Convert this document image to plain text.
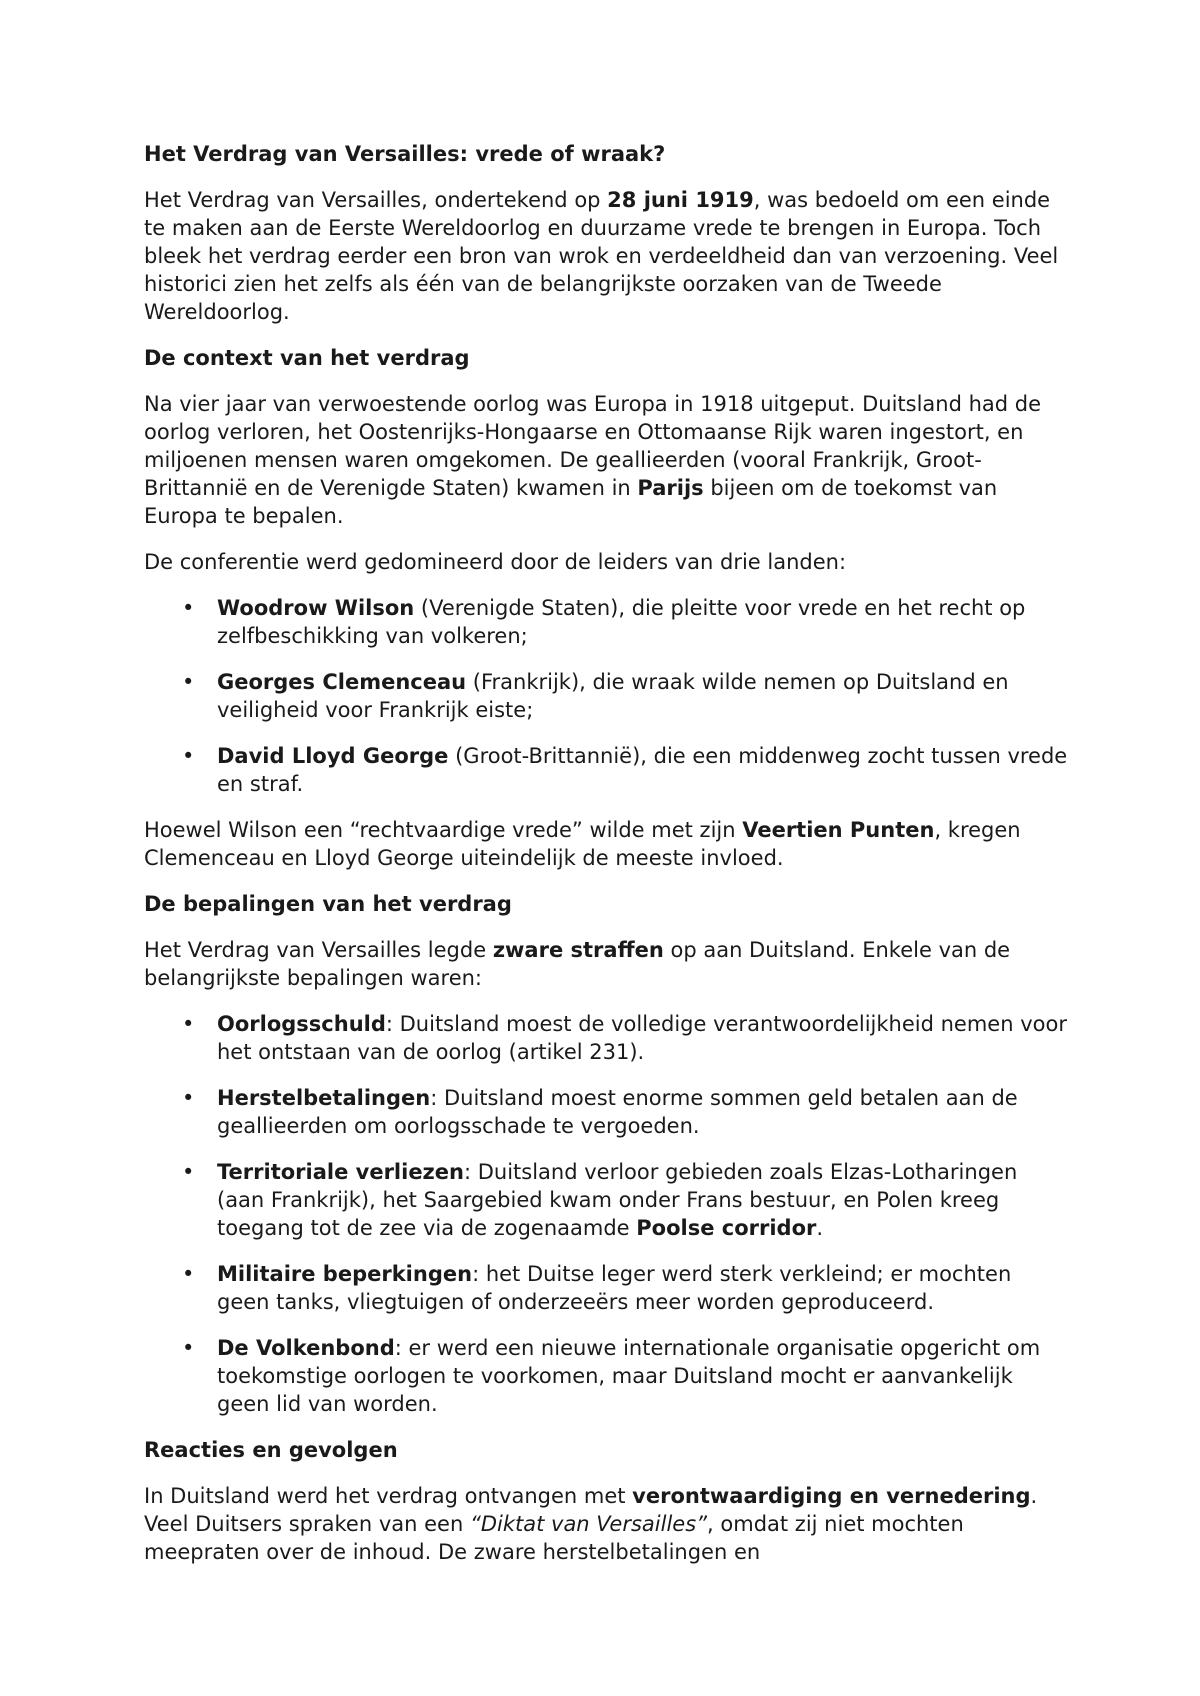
Het Verdrag van Versailles: vrede of wraak?

Het Verdrag van Versailles, ondertekend op 28 juni 1919, was bedoeld om een einde te maken aan de Eerste Wereldoorlog en duurzame vrede te brengen in Europa. Toch bleek het verdrag eerder een bron van wrok en verdeeldheid dan van verzoening. Veel historici zien het zelfs als één van de belangrijkste oorzaken van de Tweede Wereldoorlog.

De context van het verdrag

Na vier jaar van verwoestende oorlog was Europa in 1918 uitgeput. Duitsland had de oorlog verloren, het Oostenrijks-Hongaarse en Ottomaanse Rijk waren ingestort, en miljoenen mensen waren omgekomen. De geallieerden (vooral Frankrijk, Groot-Brittannië en de Verenigde Staten) kwamen in Parijs bijeen om de toekomst van Europa te bepalen.

De conferentie werd gedomineerd door de leiders van drie landen:

• Woodrow Wilson (Verenigde Staten), die pleitte voor vrede en het recht op zelfbeschikking van volkeren;
• Georges Clemenceau (Frankrijk), die wraak wilde nemen op Duitsland en veiligheid voor Frankrijk eiste;
• David Lloyd George (Groot-Brittannië), die een middenweg zocht tussen vrede en straf.

Hoewel Wilson een “rechtvaardige vrede” wilde met zijn Veertien Punten, kregen Clemenceau en Lloyd George uiteindelijk de meeste invloed.

De bepalingen van het verdrag

Het Verdrag van Versailles legde zware straffen op aan Duitsland. Enkele van de belangrijkste bepalingen waren:

• Oorlogsschuld: Duitsland moest de volledige verantwoordelijkheid nemen voor het ontstaan van de oorlog (artikel 231).
• Herstelbetalingen: Duitsland moest enorme sommen geld betalen aan de geallieerden om oorlogsschade te vergoeden.
• Territoriale verliezen: Duitsland verloor gebieden zoals Elzas-Lotharingen (aan Frankrijk), het Saargebied kwam onder Frans bestuur, en Polen kreeg toegang tot de zee via de zogenaamde Poolse corridor.
• Militaire beperkingen: het Duitse leger werd sterk verkleind; er mochten geen tanks, vliegtuigen of onderzeeërs meer worden geproduceerd.
• De Volkenbond: er werd een nieuwe internationale organisatie opgericht om toekomstige oorlogen te voorkomen, maar Duitsland mocht er aanvankelijk geen lid van worden.
Reacties en gevolgen

In Duitsland werd het verdrag ontvangen met verontwaardiging en vernedering. Veel Duitsers spraken van een “Diktat van Versailles”, omdat zij niet mochten meepraten over de inhoud. De zware herstelbetalingen en
